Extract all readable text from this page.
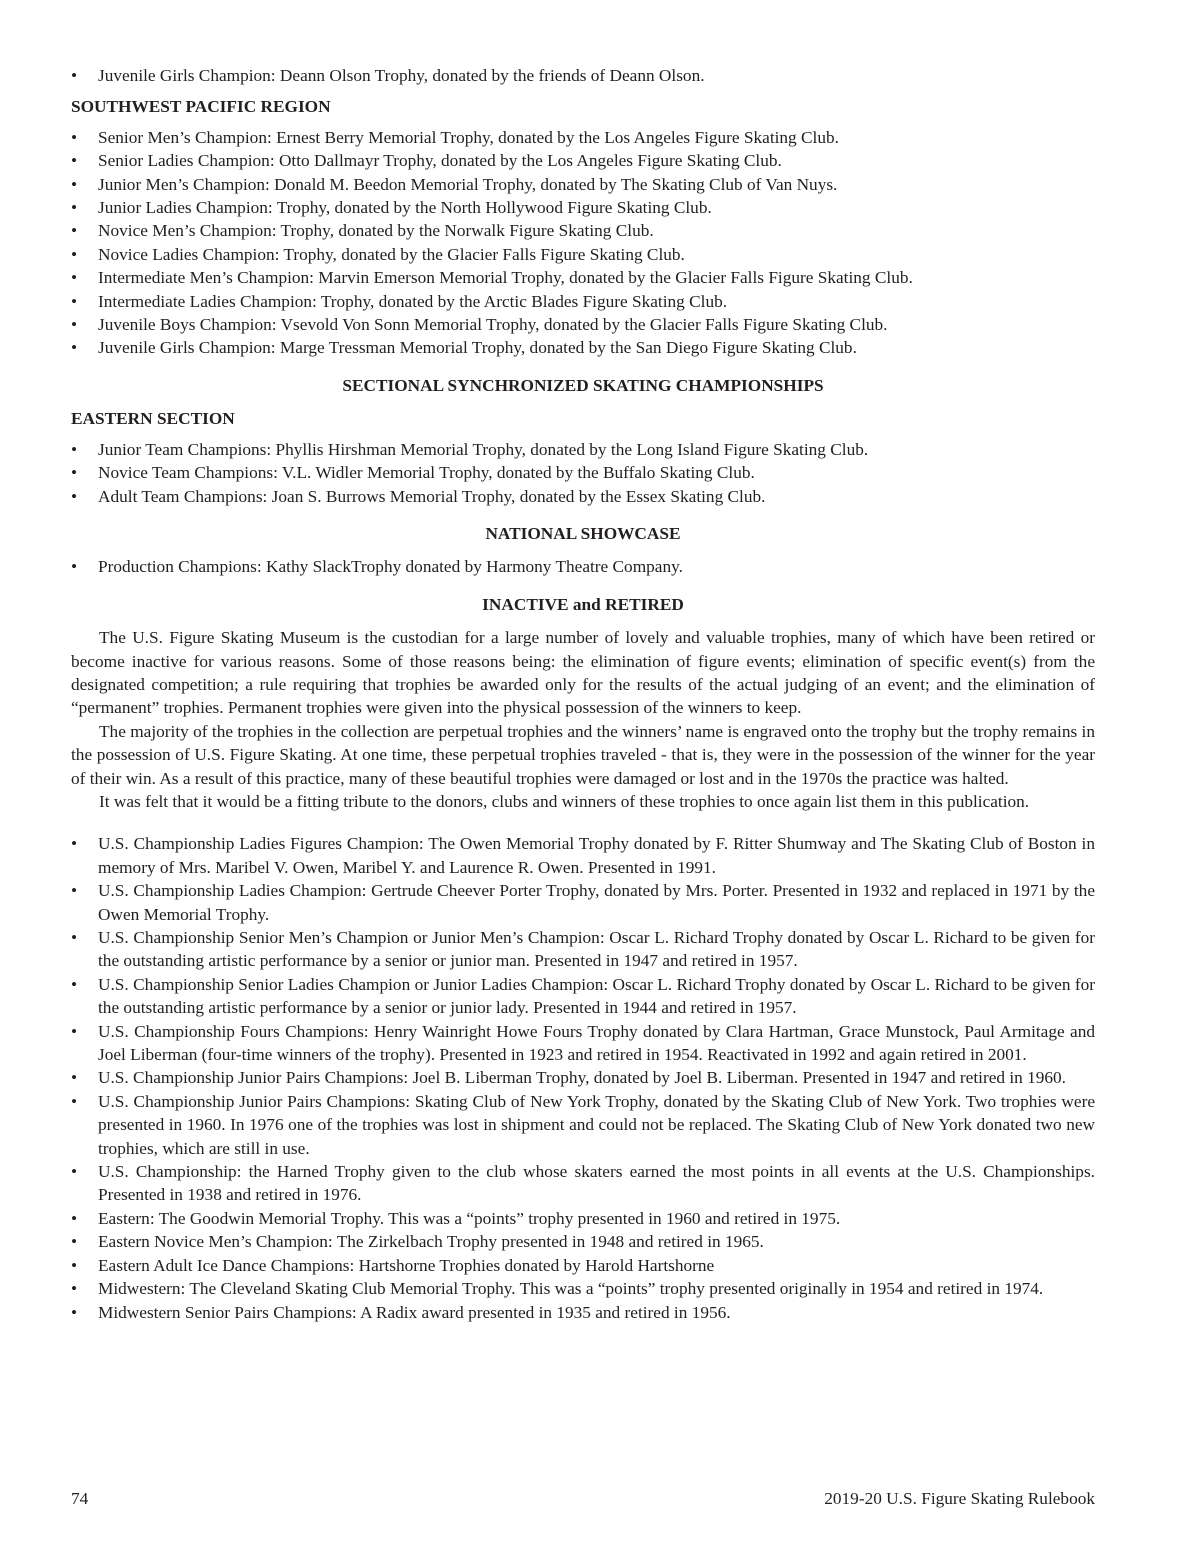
• Juvenile Girls Champion: Deann Olson Trophy, donated by the friends of Deann Olson.
SOUTHWEST PACIFIC REGION
• Senior Men’s Champion: Ernest Berry Memorial Trophy, donated by the Los Angeles Figure Skating Club.
• Senior Ladies Champion: Otto Dallmayr Trophy, donated by the Los Angeles Figure Skating Club.
• Junior Men’s Champion: Donald M. Beedon Memorial Trophy, donated by The Skating Club of Van Nuys.
• Junior Ladies Champion: Trophy, donated by the North Hollywood Figure Skating Club.
• Novice Men’s Champion: Trophy, donated by the Norwalk Figure Skating Club.
• Novice Ladies Champion: Trophy, donated by the Glacier Falls Figure Skating Club.
• Intermediate Men’s Champion: Marvin Emerson Memorial Trophy, donated by the Glacier Falls Figure Skating Club.
• Intermediate Ladies Champion: Trophy, donated by the Arctic Blades Figure Skating Club.
• Juvenile Boys Champion: Vsevold Von Sonn Memorial Trophy, donated by the Glacier Falls Figure Skating Club.
• Juvenile Girls Champion: Marge Tressman Memorial Trophy, donated by the San Diego Figure Skating Club.
SECTIONAL SYNCHRONIZED SKATING CHAMPIONSHIPS
EASTERN SECTION
• Junior Team Champions: Phyllis Hirshman Memorial Trophy, donated by the Long Island Figure Skating Club.
• Novice Team Champions: V.L. Widler Memorial Trophy, donated by the Buffalo Skating Club.
• Adult Team Champions: Joan S. Burrows Memorial Trophy, donated by the Essex Skating Club.
NATIONAL SHOWCASE
• Production Champions: Kathy SlackTrophy donated by Harmony Theatre Company.
INACTIVE and RETIRED

The U.S. Figure Skating Museum is the custodian for a large number of lovely and valuable trophies, many of which have been retired or become inactive for various reasons. Some of those reasons being: the elimination of figure events; elimination of specific event(s) from the designated competition; a rule requiring that trophies be awarded only for the results of the actual judging of an event; and the elimination of “permanent” trophies. Permanent trophies were given into the physical possession of the winners to keep.

The majority of the trophies in the collection are perpetual trophies and the winners’ name is engraved onto the trophy but the trophy remains in the possession of U.S. Figure Skating. At one time, these perpetual trophies traveled - that is, they were in the possession of the winner for the year of their win. As a result of this practice, many of these beautiful trophies were damaged or lost and in the 1970s the practice was halted.

It was felt that it would be a fitting tribute to the donors, clubs and winners of these trophies to once again list them in this publication.

• U.S. Championship Ladies Figures Champion: The Owen Memorial Trophy donated by F. Ritter Shumway and The Skating Club of Boston in memory of Mrs. Maribel V. Owen, Maribel Y. and Laurence R. Owen. Presented in 1991.
• U.S. Championship Ladies Champion: Gertrude Cheever Porter Trophy, donated by Mrs. Porter. Presented in 1932 and replaced in 1971 by the Owen Memorial Trophy.
• U.S. Championship Senior Men’s Champion or Junior Men’s Champion: Oscar L. Richard Trophy donated by Oscar L. Richard to be given for the outstanding artistic performance by a senior or junior man. Presented in 1947 and retired in 1957.
• U.S. Championship Senior Ladies Champion or Junior Ladies Champion: Oscar L. Richard Trophy donated by Oscar L. Richard to be given for the outstanding artistic performance by a senior or junior lady. Presented in 1944 and retired in 1957.
• U.S. Championship Fours Champions: Henry Wainright Howe Fours Trophy donated by Clara Hartman, Grace Munstock, Paul Armitage and Joel Liberman (four-time winners of the trophy). Presented in 1923 and retired in 1954. Reactivated in 1992 and again retired in 2001.
• U.S. Championship Junior Pairs Champions: Joel B. Liberman Trophy, donated by Joel B. Liberman. Presented in 1947 and retired in 1960.
• U.S. Championship Junior Pairs Champions: Skating Club of New York Trophy, donated by the Skating Club of New York. Two trophies were presented in 1960. In 1976 one of the trophies was lost in shipment and could not be replaced. The Skating Club of New York donated two new trophies, which are still in use.
• U.S. Championship: the Harned Trophy given to the club whose skaters earned the most points in all events at the U.S. Championships. Presented in 1938 and retired in 1976.
• Eastern: The Goodwin Memorial Trophy. This was a “points” trophy presented in 1960 and retired in 1975.
• Eastern Novice Men’s Champion: The Zirkelbach Trophy presented in 1948 and retired in 1965.
• Eastern Adult Ice Dance Champions: Hartshorne Trophies donated by Harold Hartshorne
• Midwestern: The Cleveland Skating Club Memorial Trophy. This was a “points” trophy presented originally in 1954 and retired in 1974.
• Midwestern Senior Pairs Champions: A Radix award presented in 1935 and retired in 1956.
74	2019-20 U.S. Figure Skating Rulebook
